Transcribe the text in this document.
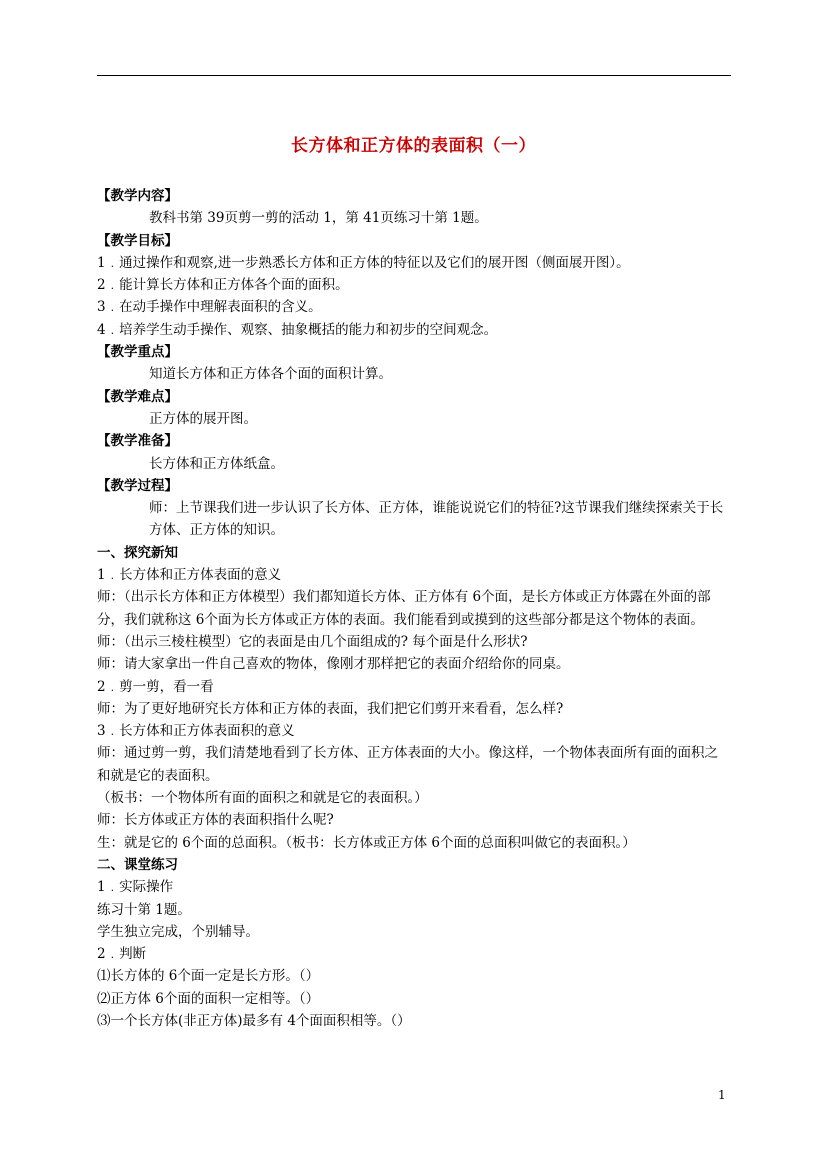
长方体和正方体的表面积（一）
【教学内容】
教科书第 39页剪一剪的活动 1，第 41页练习十第 1题。
【教学目标】
1﹒通过操作和观察,进一步熟悉长方体和正方体的特征以及它们的展开图（侧面展开图）。
2﹒能计算长方体和正方体各个面的面积。
3﹒在动手操作中理解表面积的含义。
4﹒培养学生动手操作、观察、抽象概括的能力和初步的空间观念。
【教学重点】
知道长方体和正方体各个面的面积计算。
【教学难点】
正方体的展开图。
【教学准备】
长方体和正方体纸盒。
【教学过程】
师：上节课我们进一步认识了长方体、正方体，谁能说说它们的特征?这节课我们继续探索关于长方体、正方体的知识。
一、探究新知
1﹒长方体和正方体表面的意义
师：（出示长方体和正方体模型）我们都知道长方体、正方体有 6个面，是长方体或正方体露在外面的部分，我们就称这 6个面为长方体或正方体的表面。我们能看到或摸到的这些部分都是这个物体的表面。
师：（出示三棱柱模型）它的表面是由几个面组成的? 每个面是什么形状?
师：请大家拿出一件自己喜欢的物体，像刚才那样把它的表面介绍给你的同桌。
2﹒剪一剪，看一看
师：为了更好地研究长方体和正方体的表面，我们把它们剪开来看看，怎么样?
3﹒长方体和正方体表面积的意义
师：通过剪一剪，我们清楚地看到了长方体、正方体表面的大小。像这样，一个物体表面所有面的面积之和就是它的表面积。
（板书：一个物体所有面的面积之和就是它的表面积。）
师：长方体或正方体的表面积指什么呢?
生：就是它的 6个面的总面积。（板书：长方体或正方体 6个面的总面积叫做它的表面积。）
二、课堂练习
1﹒实际操作
练习十第 1题。
学生独立完成，个别辅导。
2﹒判断
⑴长方体的 6个面一定是长方形。（）
⑵正方体 6个面的面积一定相等。（）
⑶一个长方体(非正方体)最多有 4个面面积相等。（）
1
